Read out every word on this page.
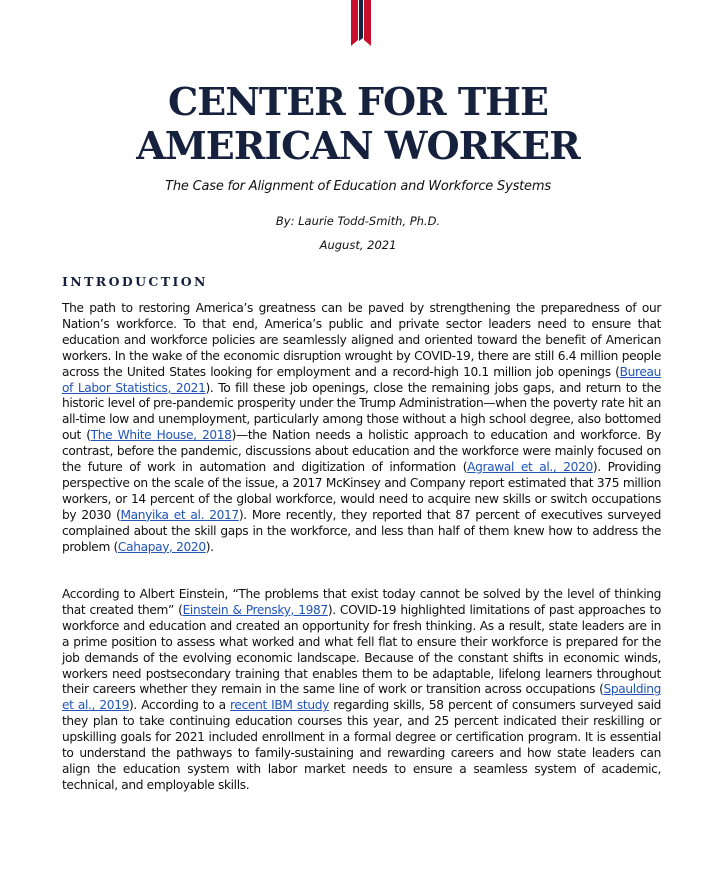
CENTER FOR THE
AMERICAN WORKER
The Case for Alignment of Education and Workforce Systems
By: Laurie Todd-Smith, Ph.D.
August, 2021
INTRODUCTION

The path to restoring America’s greatness can be paved by strengthening the preparedness of our Nation’s workforce. To that end, America’s public and private sector leaders need to ensure that education and workforce policies are seamlessly aligned and oriented toward the benefit of American workers. In the wake of the economic disruption wrought by COVID-19, there are still 6.4 million people across the United States looking for employment and a record-high 10.1 million job openings (Bureau of Labor Statistics, 2021). To fill these job openings, close the remaining jobs gaps, and return to the historic level of pre-pandemic prosperity under the Trump Administration—when the poverty rate hit an all-time low and unemployment, particularly among those without a high school degree, also bottomed out (The White House, 2018)—the Nation needs a holistic approach to education and workforce. By contrast, before the pandemic, discussions about education and the workforce were mainly focused on the future of work in automation and digitization of information (Agrawal et al., 2020). Providing perspective on the scale of the issue, a 2017 McKinsey and Company report estimated that 375 million workers, or 14 percent of the global workforce, would need to acquire new skills or switch occupations by 2030 (Manyika et al. 2017). More recently, they reported that 87 percent of executives surveyed complained about the skill gaps in the workforce, and less than half of them knew how to address the problem (Cahapay, 2020).

According to Albert Einstein, “The problems that exist today cannot be solved by the level of thinking that created them” (Einstein & Prensky, 1987). COVID-19 highlighted limitations of past approaches to workforce and education and created an opportunity for fresh thinking. As a result, state leaders are in a prime position to assess what worked and what fell flat to ensure their workforce is prepared for the job demands of the evolving economic landscape. Because of the constant shifts in economic winds, workers need postsecondary training that enables them to be adaptable, lifelong learners throughout their careers whether they remain in the same line of work or transition across occupations (Spaulding et al., 2019). According to a recent IBM study regarding skills, 58 percent of consumers surveyed said they plan to take continuing education courses this year, and 25 percent indicated their reskilling or upskilling goals for 2021 included enrollment in a formal degree or certification program. It is essential to understand the pathways to family-sustaining and rewarding careers and how state leaders can align the education system with labor market needs to ensure a seamless system of academic, technical, and employable skills.
